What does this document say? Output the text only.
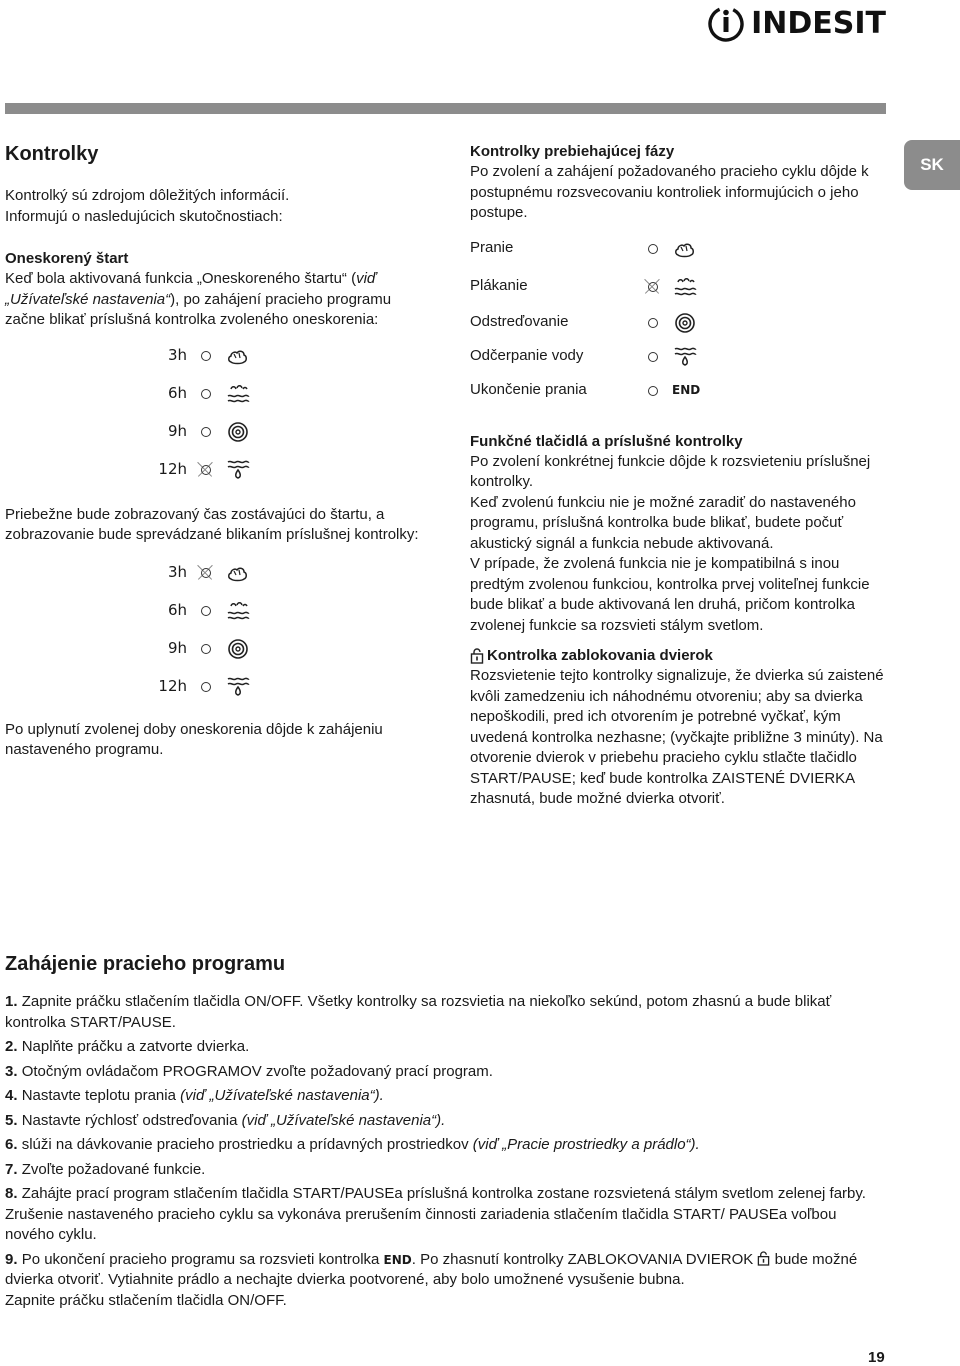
INDESIT
SK
Kontrolky

Kontrolký sú zdrojom dôležitých informácií.

Informujú o nasledujúcich skutočnostiach:

Oneskorený štart

Keď bola aktivovaná funkcia „Oneskoreného štartu“ (viď „Užívateľské nastavenia“), po zahájení pracieho programu začne blikať príslušná kontrolka zvoleného oneskorenia:

3h
6h
9h
12h

Priebežne bude zobrazovaný čas zostávajúci do štartu, a zobrazovanie bude sprevádzané blikaním príslušnej kontrolky:

3h
6h
9h
12h

Po uplynutí zvolenej doby oneskorenia dôjde k zahájeniu nastaveného programu.

Kontrolky prebiehajúcej fázy

Po zvolení a zahájení požadovaného pracieho cyklu dôjde k postupnému rozsvecovaniu kontroliek informujúcich o jeho postupe.

Pranie
Plákanie
Odstreďovanie
Odčerpanie vody
Ukončenie prania	END
Funkčné tlačidlá a príslušné kontrolky

Po zvolení konkrétnej funkcie dôjde k rozsvieteniu príslušnej kontrolky.

Keď zvolenú funkciu nie je možné zaradiť do nastaveného programu, príslušná kontrolka bude blikať, budete počuť akustický signál a funkcia nebude aktivovaná.

V prípade, že zvolená funkcia nie je kompatibilná s inou predtým zvolenou funkciou, kontrolka prvej voliteľnej funkcie bude blikať a bude aktivovaná len druhá, pričom kontrolka zvolenej funkcie sa rozsvieti stálym svetlom.

Kontrolka zablokovania dvierok

Rozsvietenie tejto kontrolky signalizuje, že dvierka sú zaistené kvôli zamedzeniu ich náhodnému otvoreniu; aby sa dvierka nepoškodili, pred ich otvorením je potrebné vyčkať, kým uvedená kontrolka nezhasne; (vyčkajte približne 3 minúty). Na otvorenie dvierok v priebehu pracieho cyklu stlačte tlačidlo START/PAUSE; keď bude kontrolka ZAISTENÉ DVIERKA zhasnutá, bude možné dvierka otvoriť.

Zahájenie pracieho programu

1. Zapnite práčku stlačením tlačidla ON/OFF. Všetky kontrolky sa rozsvietia na niekoľko sekúnd, potom zhasnú a bude blikať kontrolka START/PAUSE.

2. Naplňte práčku a zatvorte dvierka.

3. Otočným ovládačom PROGRAMOV zvoľte požadovaný prací program.

4. Nastavte teplotu prania (viď „Užívateľské nastavenia“).

5. Nastavte rýchlosť odstreďovania (viď „Užívateľské nastavenia“).

6. slúži na dávkovanie pracieho prostriedku a prídavných prostriedkov (viď „Pracie prostriedky a prádlo“).

7. Zvoľte požadované funkcie.

8. Zahájte prací program stlačením tlačidla START/PAUSEa príslušná kontrolka zostane rozsvietená stálym svetlom zelenej farby. Zrušenie nastaveného pracieho cyklu sa vykonáva prerušením činnosti zariadenia stlačením tlačidla START/ PAUSEa voľbou nového cyklu.

9. Po ukončení pracieho programu sa rozsvieti kontrolka END. Po zhasnutí kontrolky ZABLOKOVANIA DVIEROK bude možné dvierka otvoriť. Vytiahnite prádlo a nechajte dvierka pootvorené, aby bolo umožnené vysušenie bubna.

Zapnite práčku stlačením tlačidla ON/OFF.

19
